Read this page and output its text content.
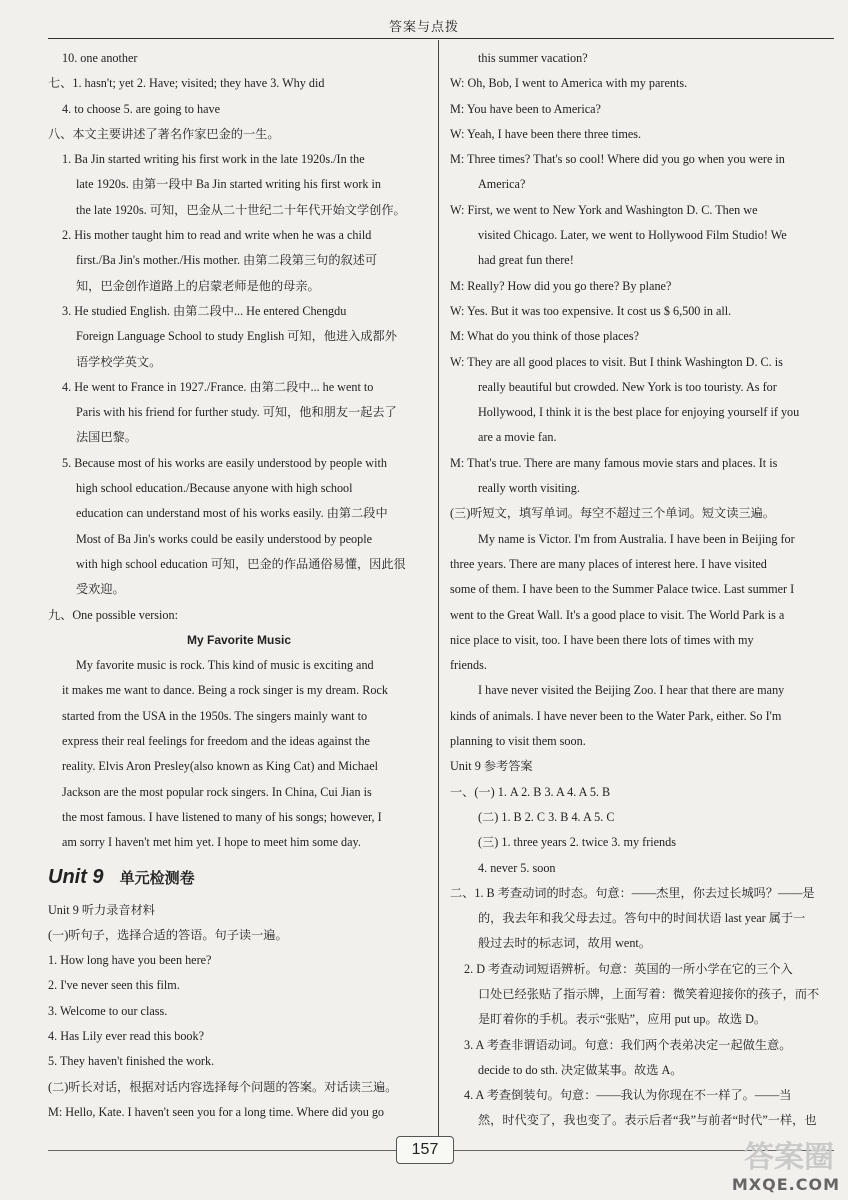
答案与点拨
10. one another
七、1. hasn't; yet 2. Have; visited; they have 3. Why did
4. to choose 5. are going to have
八、本文主要讲述了著名作家巴金的一生。
1. Ba Jin started writing his first work in the late 1920s./In the
late 1920s. 由第一段中 Ba Jin started writing his first work in
the late 1920s. 可知，巴金从二十世纪二十年代开始文学创作。
2. His mother taught him to read and write when he was a child
first./Ba Jin's mother./His mother. 由第二段第三句的叙述可
知，巴金创作道路上的启蒙老师是他的母亲。
3. He studied English. 由第二段中... He entered Chengdu
Foreign Language School to study English 可知，他进入成都外
语学校学英文。
4. He went to France in 1927./France. 由第二段中... he went to
Paris with his friend for further study. 可知，他和朋友一起去了
法国巴黎。
5. Because most of his works are easily understood by people with
high school education./Because anyone with high school
education can understand most of his works easily. 由第二段中
Most of Ba Jin's works could be easily understood by people
with high school education 可知，巴金的作品通俗易懂，因此很
受欢迎。
九、One possible version:
My Favorite Music
My favorite music is rock. This kind of music is exciting and
it makes me want to dance. Being a rock singer is my dream. Rock
started from the USA in the 1950s. The singers mainly want to
express their real feelings for freedom and the ideas against the
reality. Elvis Aron Presley(also known as King Cat) and Michael
Jackson are the most popular rock singers. In China, Cui Jian is
the most famous. I have listened to many of his songs; however, I
am sorry I haven't met him yet. I hope to meet him some day.
Unit 9 单元检测卷
Unit 9 听力录音材料
(一)听句子，选择合适的答语。句子读一遍。
1. How long have you been here?
2. I've never seen this film.
3. Welcome to our class.
4. Has Lily ever read this book?
5. They haven't finished the work.
(二)听长对话，根据对话内容选择每个问题的答案。对话读三遍。
M: Hello, Kate. I haven't seen you for a long time. Where did you go
this summer vacation?
W: Oh, Bob, I went to America with my parents.
M: You have been to America?
W: Yeah, I have been there three times.
M: Three times? That's so cool! Where did you go when you were in
America?
W: First, we went to New York and Washington D. C. Then we
visited Chicago. Later, we went to Hollywood Film Studio! We
had great fun there!
M: Really? How did you go there? By plane?
W: Yes. But it was too expensive. It cost us $ 6,500 in all.
M: What do you think of those places?
W: They are all good places to visit. But I think Washington D. C. is
really beautiful but crowded. New York is too touristy. As for
Hollywood, I think it is the best place for enjoying yourself if you
are a movie fan.
M: That's true. There are many famous movie stars and places. It is
really worth visiting.
(三)听短文，填写单词。每空不超过三个单词。短文读三遍。
My name is Victor. I'm from Australia. I have been in Beijing for
three years. There are many places of interest here. I have visited
some of them. I have been to the Summer Palace twice. Last summer I
went to the Great Wall. It's a good place to visit. The World Park is a
nice place to visit, too. I have been there lots of times with my
friends.
I have never visited the Beijing Zoo. I hear that there are many
kinds of animals. I have never been to the Water Park, either. So I'm
planning to visit them soon.
Unit 9 参考答案
一、(一) 1. A 2. B 3. A 4. A 5. B
(二) 1. B 2. C 3. B 4. A 5. C
(三) 1. three years 2. twice 3. my friends
4. never 5. soon
二、1. B 考查动词的时态。句意：——杰里，你去过长城吗？——是
的，我去年和我父母去过。答句中的时间状语 last year 属于一
般过去时的标志词，故用 went。
2. D 考查动词短语辨析。句意：英国的一所小学在它的三个入
口处已经张贴了指示牌，上面写着：微笑着迎接你的孩子，而不
是盯着你的手机。表示“张贴”，应用 put up。故选 D。
3. A 考查非谓语动词。句意：我们两个表弟决定一起做生意。
decide to do sth. 决定做某事。故选 A。
4. A 考查倒装句。句意：——我认为你现在不一样了。——当
然，时代变了，我也变了。表示后者“我”与前者“时代”一样，也
157	答案圈
MXQE.COM
